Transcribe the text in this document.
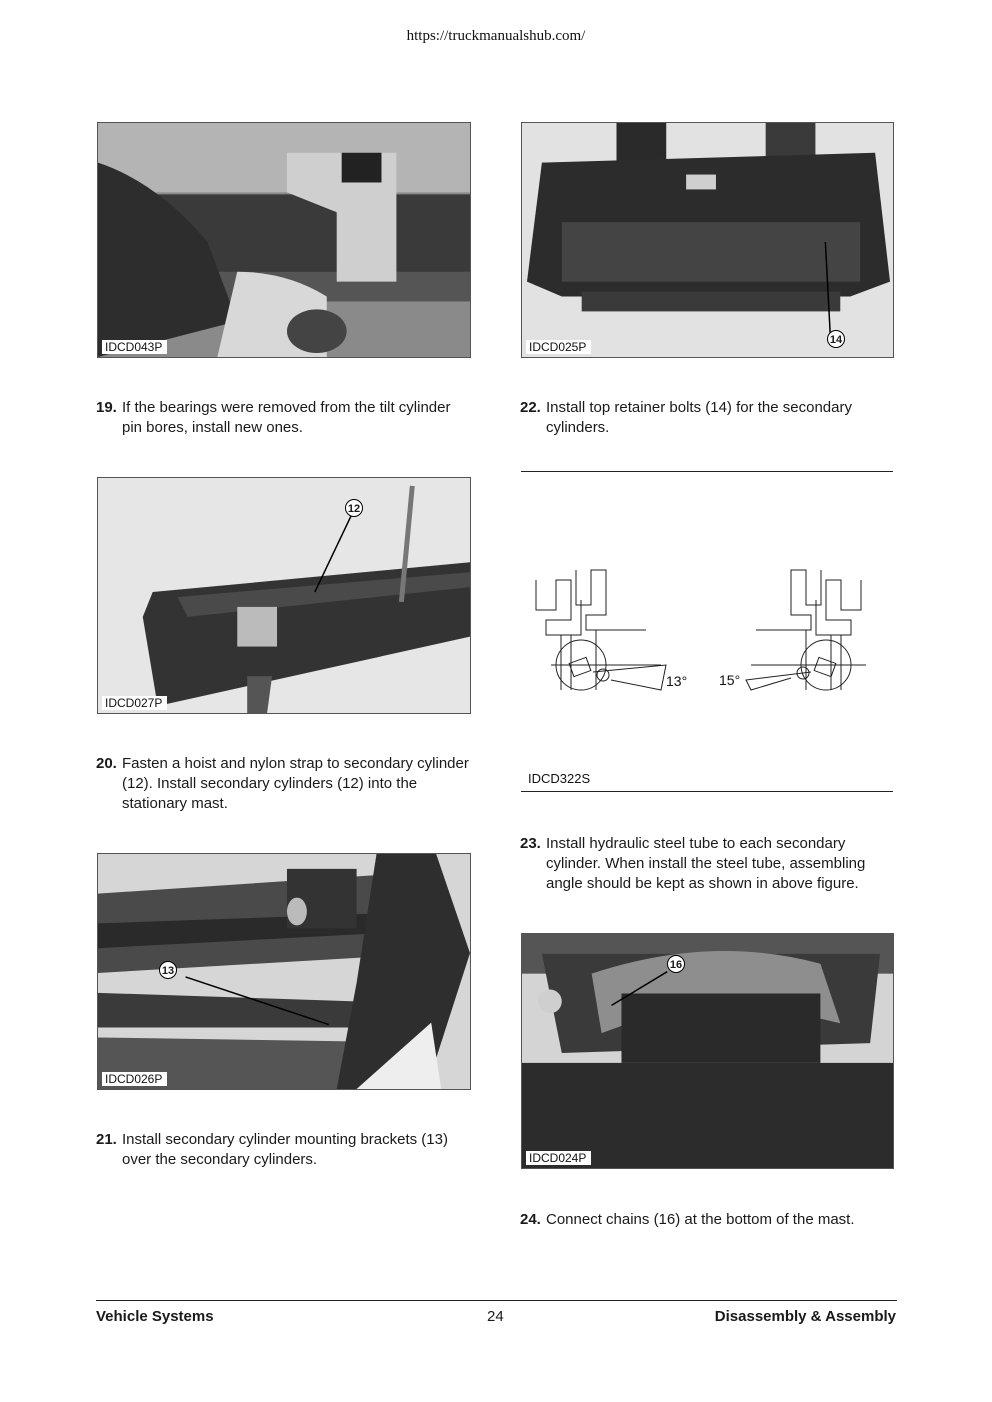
https://truckmanualshub.com/
IDCD043P	14
IDCD025P
19. If the bearings were removed from the tilt cylinder pin bores, install new ones.
22. Install top retainer bolts (14) for the secondary cylinders.
12
IDCD027P
13° 15°
IDCD322S
20. Fasten a hoist and nylon strap to secondary cylinder (12). Install secondary cylinders (12) into the stationary mast.
23. Install hydraulic steel tube to each secondary cylinder. When install the steel tube, assembling angle should be kept as shown in above figure.
13
IDCD026P
16
IDCD024P
21. Install secondary cylinder mounting brackets (13) over the secondary cylinders.
24. Connect chains (16) at the bottom of the mast.
Vehicle Systems	24	Disassembly & Assembly
